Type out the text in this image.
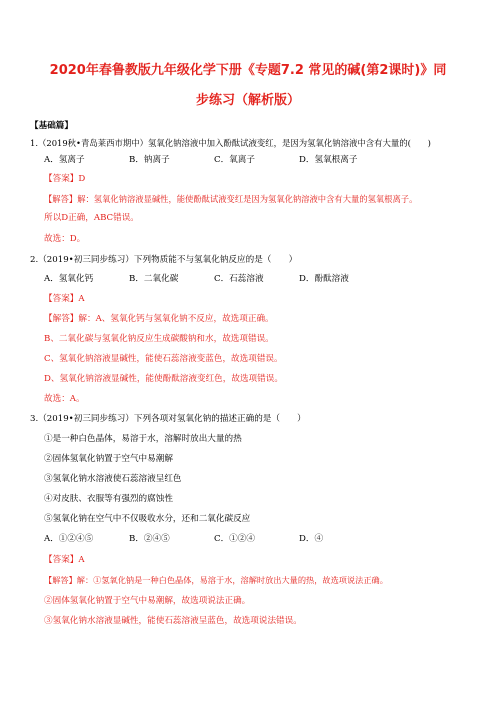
2020年春鲁教版九年级化学下册《专题7.2 常见的碱(第2课时)》同
步练习（解析版）
【基础篇】
1.（2019秋•青岛莱西市期中）氢氧化钠溶液中加入酚酞试液变红，是因为氢氧化钠溶液中含有大量的(　　)
A．氢离子	B．钠离子	C．氧离子	D．氢氧根离子
【答案】D
【解答】解：氢氧化钠溶液显碱性，能使酚酞试液变红是因为氢氧化钠溶液中含有大量的氢氧根离子。
所以D正确，ABC错误。
故选：D。
2.（2019•初三同步练习）下列物质能不与氢氧化钠反应的是（　　）
A．氢氧化钙	B．二氧化碳	C．石蕊溶液	D．酚酞溶液
【答案】A
【解答】解：A、氢氧化钙与氢氧化钠不反应，故选项正确。
B、二氧化碳与氢氧化钠反应生成碳酸钠和水，故选项错误。
C、氢氧化钠溶液显碱性，能使石蕊溶液变蓝色，故选项错误。
D、氢氧化钠溶液显碱性，能使酚酞溶液变红色，故选项错误。
故选：A。
3.（2019•初三同步练习）下列各项对氢氧化钠的描述正确的是（　　）
①是一种白色晶体，易溶于水，溶解时放出大量的热
②固体氢氧化钠置于空气中易潮解
③氢氧化钠水溶液使石蕊溶液呈红色
④对皮肤、衣服等有强烈的腐蚀性
⑤氢氧化钠在空气中不仅吸收水分，还和二氧化碳反应
A．①②④⑤	B．②④⑤	C．①②④	D．④
【答案】A
【解答】解：①氢氧化钠是一种白色晶体，易溶于水，溶解时放出大量的热，故选项说法正确。
②固体氢氧化钠置于空气中易潮解，故选项说法正确。
③氢氧化钠水溶液显碱性，能使石蕊溶液呈蓝色，故选项说法错误。
